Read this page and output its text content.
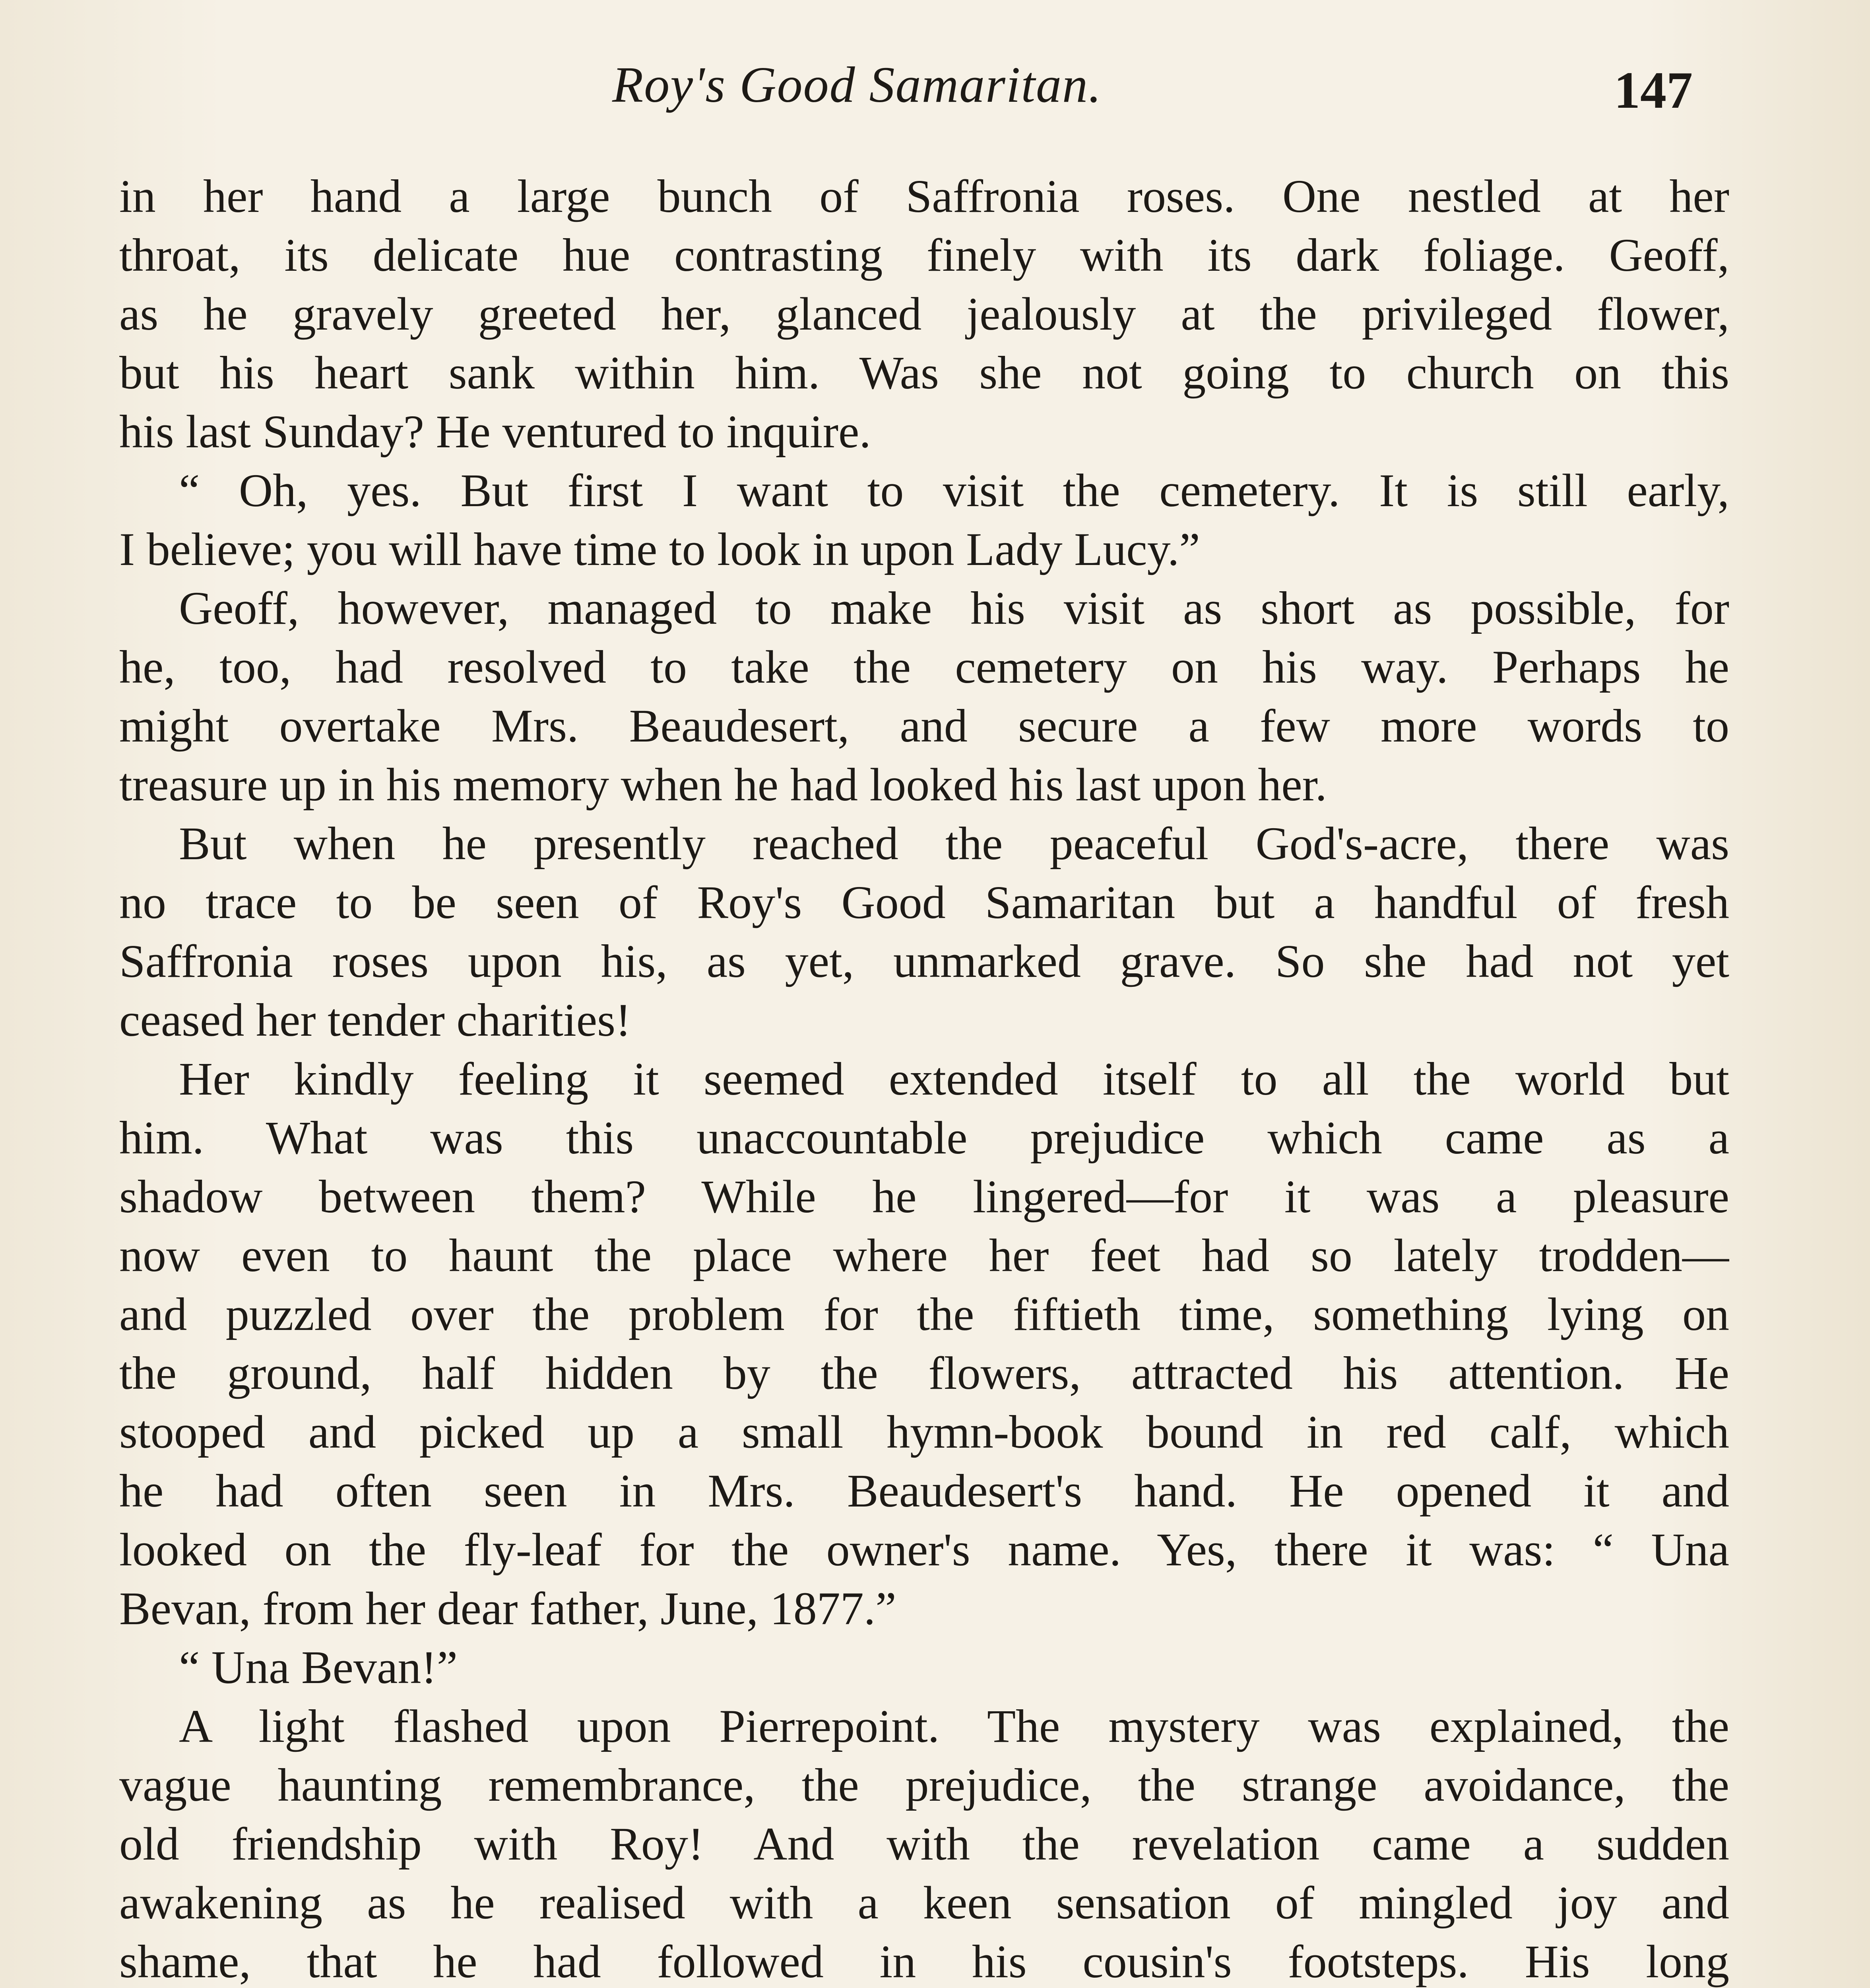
Roy's Good Samaritan.	147
in her hand a large bunch of Saffronia roses. One nestled at her
throat, its delicate hue contrasting finely with its dark foliage. Geoff,
as he gravely greeted her, glanced jealously at the privileged flower,
but his heart sank within him. Was she not going to church on this
his last Sunday? He ventured to inquire.
“ Oh, yes. But first I want to visit the cemetery. It is still early,
I believe; you will have time to look in upon Lady Lucy.”
Geoff, however, managed to make his visit as short as possible, for
he, too, had resolved to take the cemetery on his way. Perhaps he
might overtake Mrs. Beaudesert, and secure a few more words to
treasure up in his memory when he had looked his last upon her.
But when he presently reached the peaceful God's-acre, there was
no trace to be seen of Roy's Good Samaritan but a handful of fresh
Saffronia roses upon his, as yet, unmarked grave. So she had not yet
ceased her tender charities!
Her kindly feeling it seemed extended itself to all the world but
him. What was this unaccountable prejudice which came as a
shadow between them? While he lingered—for it was a pleasure
now even to haunt the place where her feet had so lately trodden—
and puzzled over the problem for the fiftieth time, something lying on
the ground, half hidden by the flowers, attracted his attention. He
stooped and picked up a small hymn-book bound in red calf, which
he had often seen in Mrs. Beaudesert's hand. He opened it and
looked on the fly-leaf for the owner's name. Yes, there it was: “ Una
Bevan, from her dear father, June, 1877.”
“ Una Bevan!”
A light flashed upon Pierrepoint. The mystery was explained, the
vague haunting remembrance, the prejudice, the strange avoidance, the
old friendship with Roy! And with the revelation came a sudden
awakening as he realised with a keen sensation of mingled joy and
shame, that he had followed in his cousin's footsteps. His long
